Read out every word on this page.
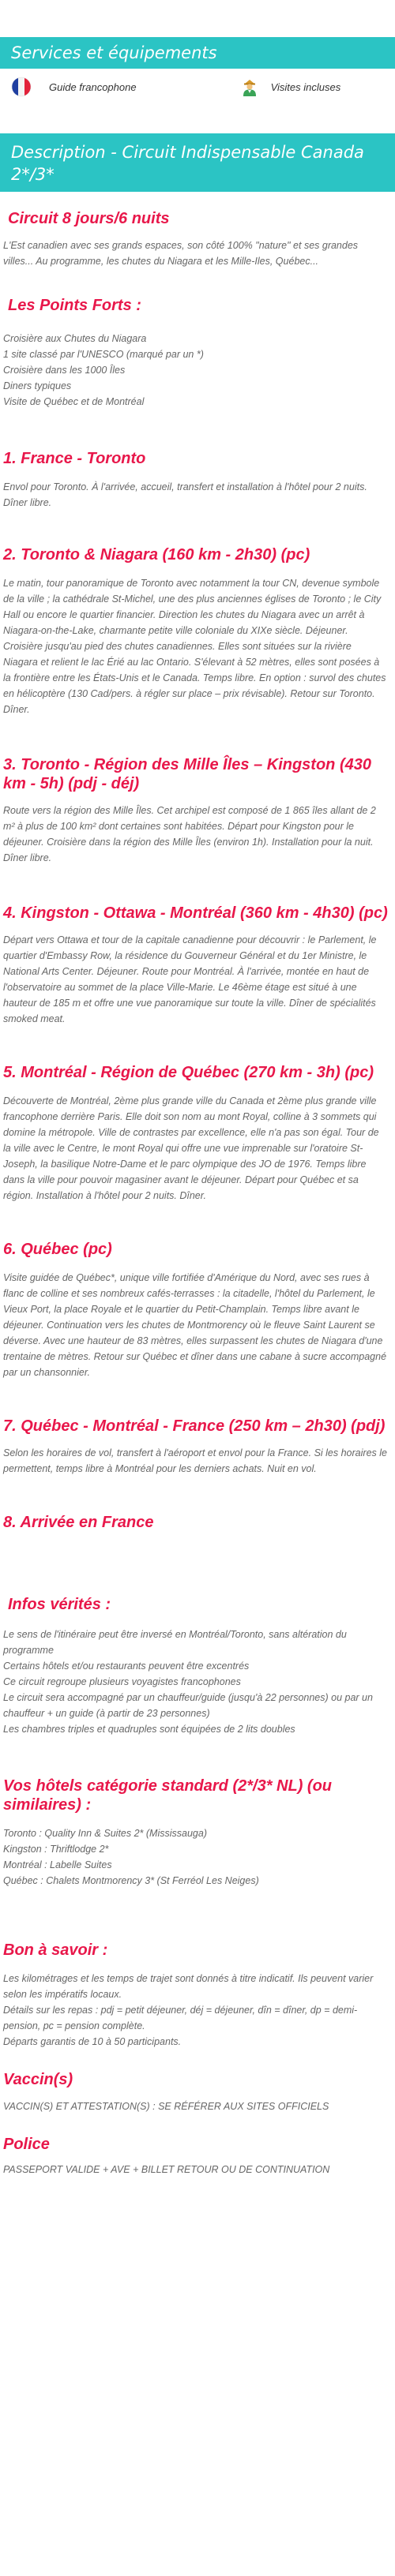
Services et équipements
Guide francophone	Visites incluses
Description - Circuit Indispensable Canada 2*/3*
Circuit 8 jours/6 nuits

L'Est canadien avec ses grands espaces, son côté 100% "nature" et ses grandes villes... Au programme, les chutes du Niagara et les Mille-Iles, Québec...

Les Points Forts :
Croisière aux Chutes du Niagara
1 site classé par l'UNESCO (marqué par un *)
Croisière dans les 1000 Îles
Diners typiques
Visite de Québec et de Montréal
1. France - Toronto

Envol pour Toronto. À l'arrivée, accueil, transfert et installation à l'hôtel pour 2 nuits. Dîner libre.

2. Toronto & Niagara (160 km - 2h30) (pc)

Le matin, tour panoramique de Toronto avec notamment la tour CN, devenue symbole de la ville ; la cathédrale St-Michel, une des plus anciennes églises de Toronto ; le City Hall ou encore le quartier financier. Direction les chutes du Niagara avec un arrêt à Niagara-on-the-Lake, charmante petite ville coloniale du XIXe siècle. Déjeuner. Croisière jusqu'au pied des chutes canadiennes. Elles sont situées sur la rivière Niagara et relient le lac Érié au lac Ontario. S'élevant à 52 mètres, elles sont posées à la frontière entre les États-Unis et le Canada. Temps libre. En option : survol des chutes en hélicoptère (130 Cad/pers. à régler sur place – prix révisable). Retour sur Toronto. Dîner.

3. Toronto - Région des Mille Îles – Kingston (430 km - 5h) (pdj - déj)

Route vers la région des Mille Îles. Cet archipel est composé de 1 865 îles allant de 2 m² à plus de 100 km² dont certaines sont habitées. Départ pour Kingston pour le déjeuner. Croisière dans la région des Mille Îles (environ 1h). Installation pour la nuit. Dîner libre.

4. Kingston - Ottawa - Montréal (360 km - 4h30) (pc)

Départ vers Ottawa et tour de la capitale canadienne pour découvrir : le Parlement, le quartier d'Embassy Row, la résidence du Gouverneur Général et du 1er Ministre, le National Arts Center. Déjeuner. Route pour Montréal. À l'arrivée, montée en haut de l'observatoire au sommet de la place Ville-Marie. Le 46ème étage est situé à une hauteur de 185 m et offre une vue panoramique sur toute la ville. Dîner de spécialités smoked meat.

5. Montréal - Région de Québec (270 km - 3h) (pc)

Découverte de Montréal, 2ème plus grande ville du Canada et 2ème plus grande ville francophone derrière Paris. Elle doit son nom au mont Royal, colline à 3 sommets qui domine la métropole. Ville de contrastes par excellence, elle n'a pas son égal. Tour de la ville avec le Centre, le mont Royal qui offre une vue imprenable sur l'oratoire St-Joseph, la basilique Notre-Dame et le parc olympique des JO de 1976. Temps libre dans la ville pour pouvoir magasiner avant le déjeuner. Départ pour Québec et sa région. Installation à l'hôtel pour 2 nuits. Dîner.

6. Québec (pc)

Visite guidée de Québec*, unique ville fortifiée d'Amérique du Nord, avec ses rues à flanc de colline et ses nombreux cafés-terrasses : la citadelle, l'hôtel du Parlement, le Vieux Port, la place Royale et le quartier du Petit-Champlain. Temps libre avant le déjeuner. Continuation vers les chutes de Montmorency où le fleuve Saint Laurent se déverse. Avec une hauteur de 83 mètres, elles surpassent les chutes de Niagara d'une trentaine de mètres. Retour sur Québec et dîner dans une cabane à sucre accompagné par un chansonnier.

7. Québec - Montréal - France (250 km – 2h30) (pdj)

Selon les horaires de vol, transfert à l'aéroport et envol pour la France. Si les horaires le permettent, temps libre à Montréal pour les derniers achats. Nuit en vol.

8. Arrivée en France
Infos vérités :
Le sens de l'itinéraire peut être inversé en Montréal/Toronto, sans altération du programme
Certains hôtels et/ou restaurants peuvent être excentrés
Ce circuit regroupe plusieurs voyagistes francophones
Le circuit sera accompagné par un chauffeur/guide (jusqu'à 22 personnes) ou par un chauffeur + un guide (à partir de 23 personnes)
Les chambres triples et quadruples sont équipées de 2 lits doubles
Vos hôtels catégorie standard (2*/3* NL) (ou similaires) :
Toronto : Quality Inn & Suites 2* (Mississauga)
Kingston : Thriftlodge 2*
Montréal : Labelle Suites
Québec : Chalets Montmorency 3* (St Ferréol Les Neiges)
Bon à savoir :
Les kilométrages et les temps de trajet sont donnés à titre indicatif. Ils peuvent varier selon les impératifs locaux.
Détails sur les repas : pdj = petit déjeuner, déj = déjeuner, dîn = dîner, dp = demi-pension, pc = pension complète.
Départs garantis de 10 à 50 participants.
Vaccin(s)

VACCIN(S) ET ATTESTATION(S) : SE RÉFÉRER AUX SITES OFFICIELS

Police

PASSEPORT VALIDE + AVE + BILLET RETOUR OU DE CONTINUATION
